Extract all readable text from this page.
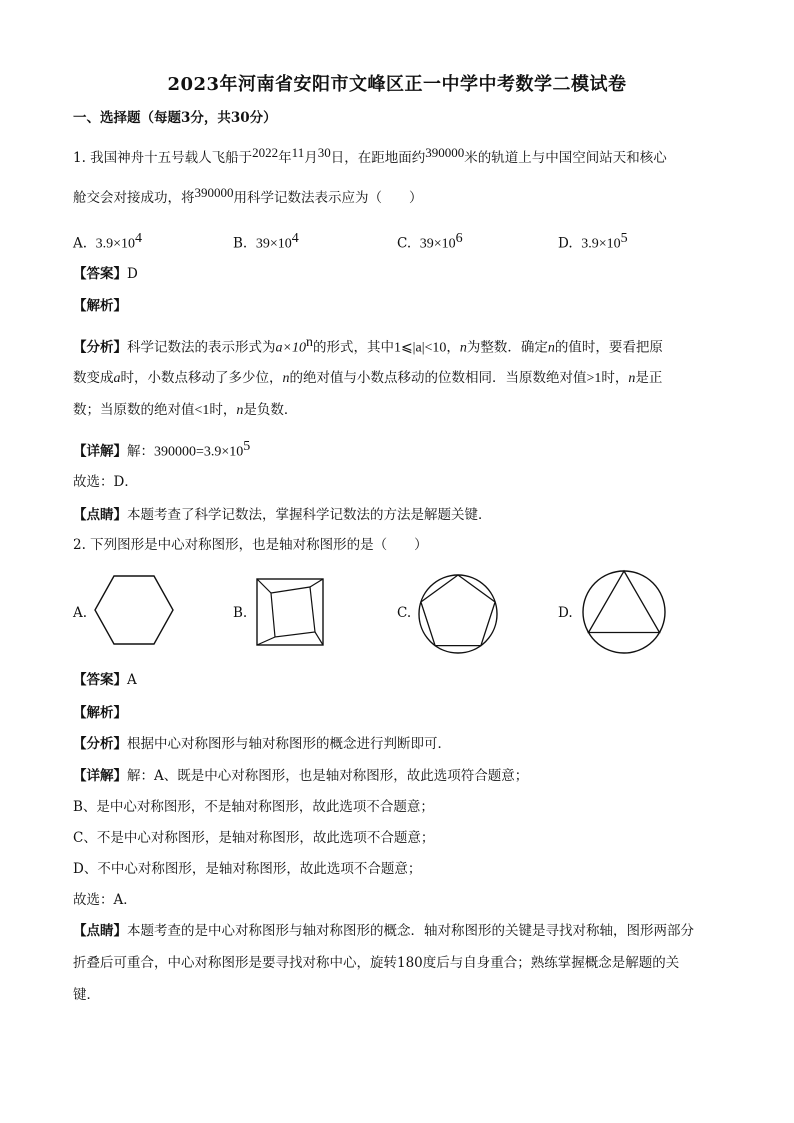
2023年河南省安阳市文峰区正一中学中考数学二模试卷
一、选择题（每题3分，共30分）
1. 我国神舟十五号载人飞船于2022年11月30日，在距地面约390000米的轨道上与中国空间站天和核心
舱交会对接成功，将390000用科学记数法表示应为（　　）
A. $3.9\times 10^4$	B. $39\times 10^4$	C. $39\times 10^6$	D. $3.9\times 10^5$
【答案】D
【解析】
【分析】科学记数法的表示形式为$a\times 10^n$的形式，其中1⩽|a|<10，n为整数．确定n的值时，要看把原
数变成a时，小数点移动了多少位，n的绝对值与小数点移动的位数相同．当原数绝对值>1时，n是正
数；当原数的绝对值<1时，n是负数．
【详解】解：$390000=3.9\times 10^5$
故选：D．
【点睛】本题考查了科学记数法，掌握科学记数法的方法是解题关键．
2. 下列图形是中心对称图形，也是轴对称图形的是（　　）
A.	B.	C.	D.
【答案】A
【解析】
【分析】根据中心对称图形与轴对称图形的概念进行判断即可．
【详解】解：A、既是中心对称图形，也是轴对称图形，故此选项符合题意；
B、是中心对称图形，不是轴对称图形，故此选项不合题意；
C、不是中心对称图形，是轴对称图形，故此选项不合题意；
D、不中心对称图形，是轴对称图形，故此选项不合题意；
故选：A．
【点睛】本题考查的是中心对称图形与轴对称图形的概念．轴对称图形的关键是寻找对称轴，图形两部分
折叠后可重合，中心对称图形是要寻找对称中心，旋转180度后与自身重合；熟练掌握概念是解题的关
键．
